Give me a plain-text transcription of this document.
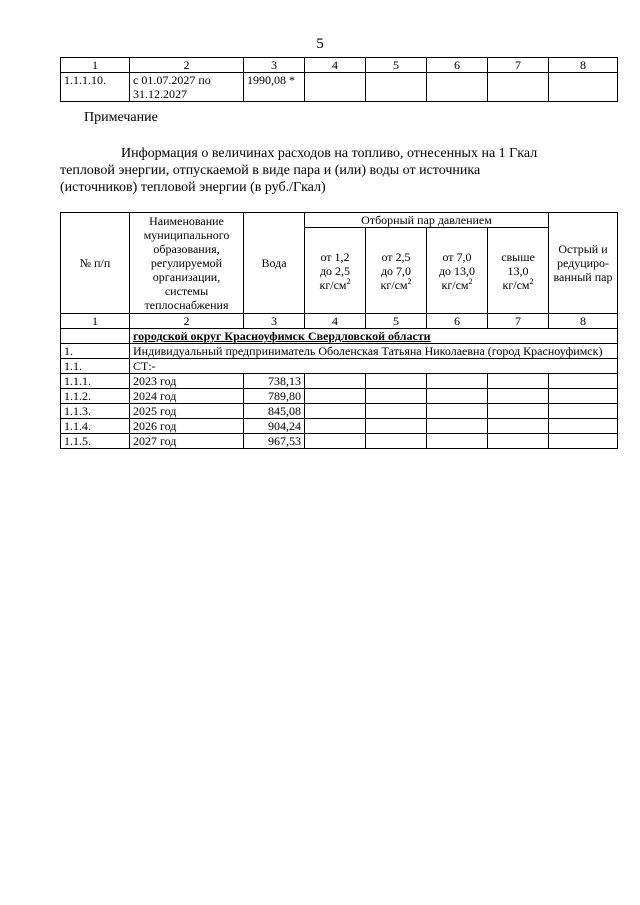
5
1	2	3	4	5	6	7	8
1.1.1.10.	с 01.07.2027 по 31.12.2027	1990,08 *					
Примечание

Информация о величинах расходов на топливо, отнесенных на 1 Гкал

тепловой энергии, отпускаемой в виде пара и (или) воды от источника

(источников) тепловой энергии (в руб./Гкал)

№ п/п	Наименование муниципального образования, регулируемой организации, системы теплоснабжения	Вода	Отборный пар давлением				Острый и редуциро-ванный пар
			от 1,2
до 2,5
$кг/см^2$	от 2,5
до 7,0
$кг/см^2$	от 7,0
до 13,0
$кг/см^2$	свыше
13,0
$кг/см^2$
1	2	3	4	5	6	7	8
	городской округ Красноуфимск Свердловской области						
1.	Индивидуальный предприниматель Оболенская Татьяна Николаевна (город Красноуфимск)						
1.1.	СТ:-						
1.1.1.	2023 год	738,13					
1.1.2.	2024 год	789,80					
1.1.3.	2025 год	845,08					
1.1.4.	2026 год	904,24					
1.1.5.	2027 год	967,53					
